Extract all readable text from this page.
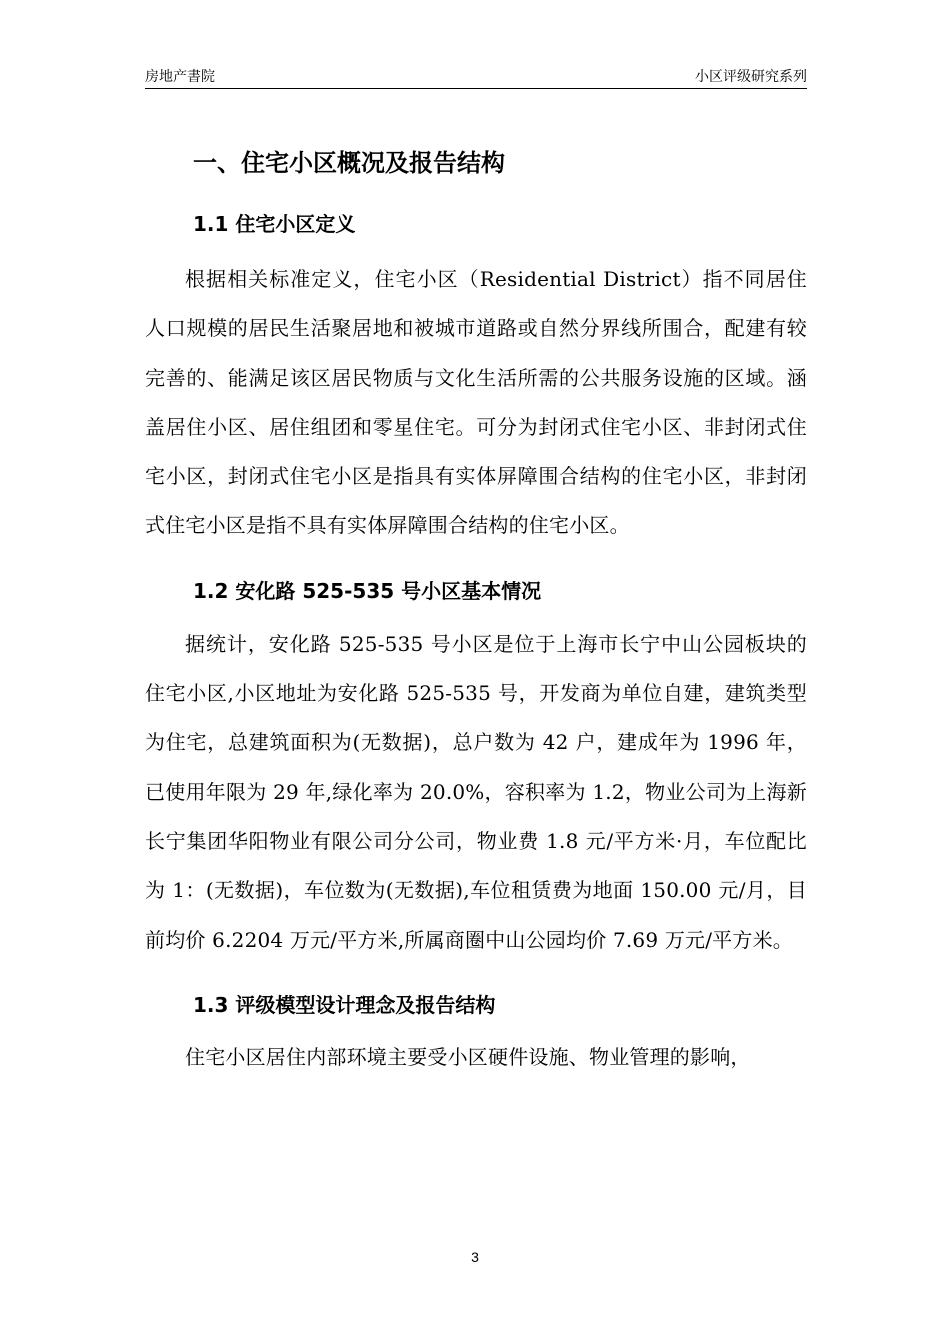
房地产書院	小区评级研究系列
一、住宅小区概况及报告结构
1.1 住宅小区定义

根据相关标准定义，住宅小区（Residential District）指不同居住人口规模的居民生活聚居地和被城市道路或自然分界线所围合，配建有较完善的、能满足该区居民物质与文化生活所需的公共服务设施的区域。涵盖居住小区、居住组团和零星住宅。可分为封闭式住宅小区、非封闭式住宅小区，封闭式住宅小区是指具有实体屏障围合结构的住宅小区，非封闭式住宅小区是指不具有实体屏障围合结构的住宅小区。

1.2 安化路 525-535 号小区基本情况

据统计，安化路 525-535 号小区是位于上海市长宁中山公园板块的住宅小区,小区地址为安化路 525-535 号，开发商为单位自建，建筑类型为住宅，总建筑面积为(无数据)，总户数为 42 户，建成年为 1996 年，已使用年限为 29 年,绿化率为 20.0%，容积率为 1.2，物业公司为上海新长宁集团华阳物业有限公司分公司，物业费 1.8 元/平方米·月，车位配比为 1：(无数据)，车位数为(无数据),车位租赁费为地面 150.00 元/月，目前均价 6.2204 万元/平方米,所属商圈中山公园均价 7.69 万元/平方米。

1.3 评级模型设计理念及报告结构

住宅小区居住内部环境主要受小区硬件设施、物业管理的影响，

3
